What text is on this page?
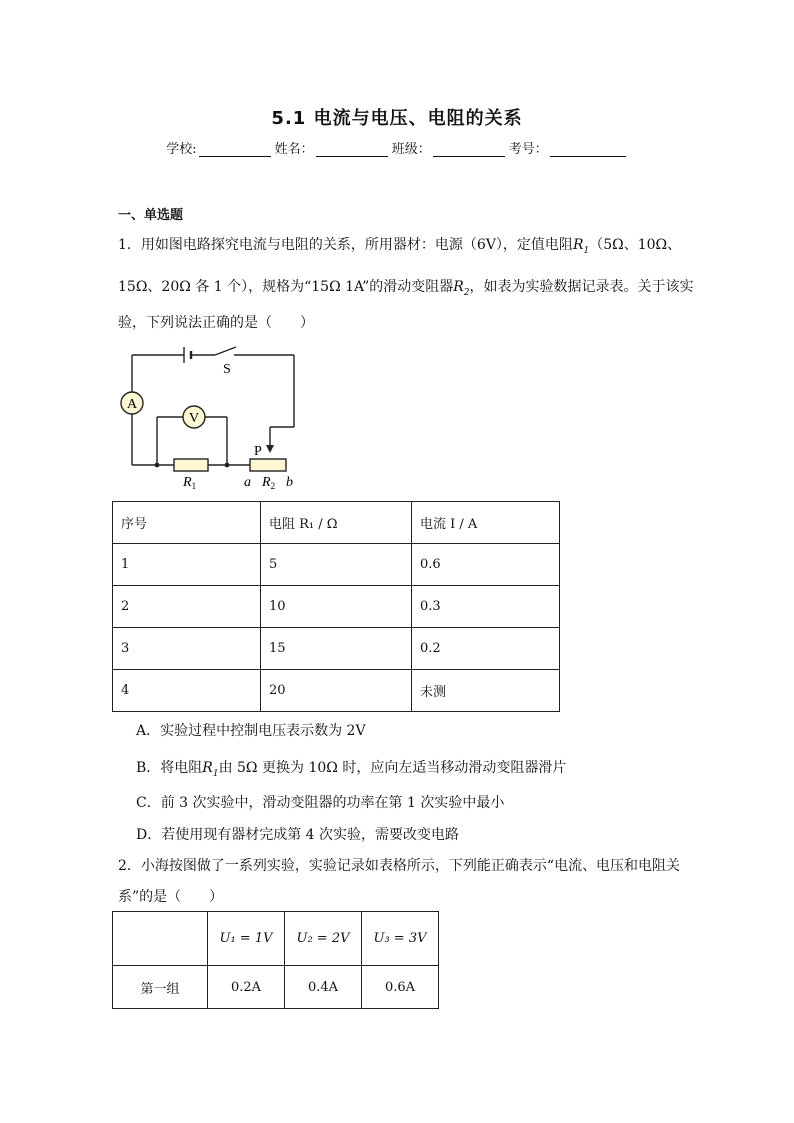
5.1 电流与电压、电阻的关系
学校:	姓名：	班级：	考号：
一、单选题
1．用如图电路探究电流与电阻的关系，所用器材：电源（6V），定值电阻$R_1(5\Omega$、10Ω、
15Ω、20Ω 各 1 个），规格为“15Ω 1A”的滑动变阻器$R_2$，如表为实验数据记录表。关于该实
验，下列说法正确的是（　　）
A
V
S
P
$R_1$	a $R_2$ b
序号	电阻 R₁ / Ω	电流 I / A
1	5	0.6
2	10	0.3
3	15	0.2
4	20	未测
A．实验过程中控制电压表示数为 2V
B．将电阻$R_1$由 5Ω 更换为 10Ω 时，应向左适当移动滑动变阻器滑片
C．前 3 次实验中，滑动变阻器的功率在第 1 次实验中最小
D．若使用现有器材完成第 4 次实验，需要改变电路
2．小海按图做了一系列实验，实验记录如表格所示，下列能正确表示“电流、电压和电阻关
系”的是（　　）
	U₁ = 1V	U₂ = 2V	U₃ = 3V
第一组	0.2A	0.4A	0.6A
